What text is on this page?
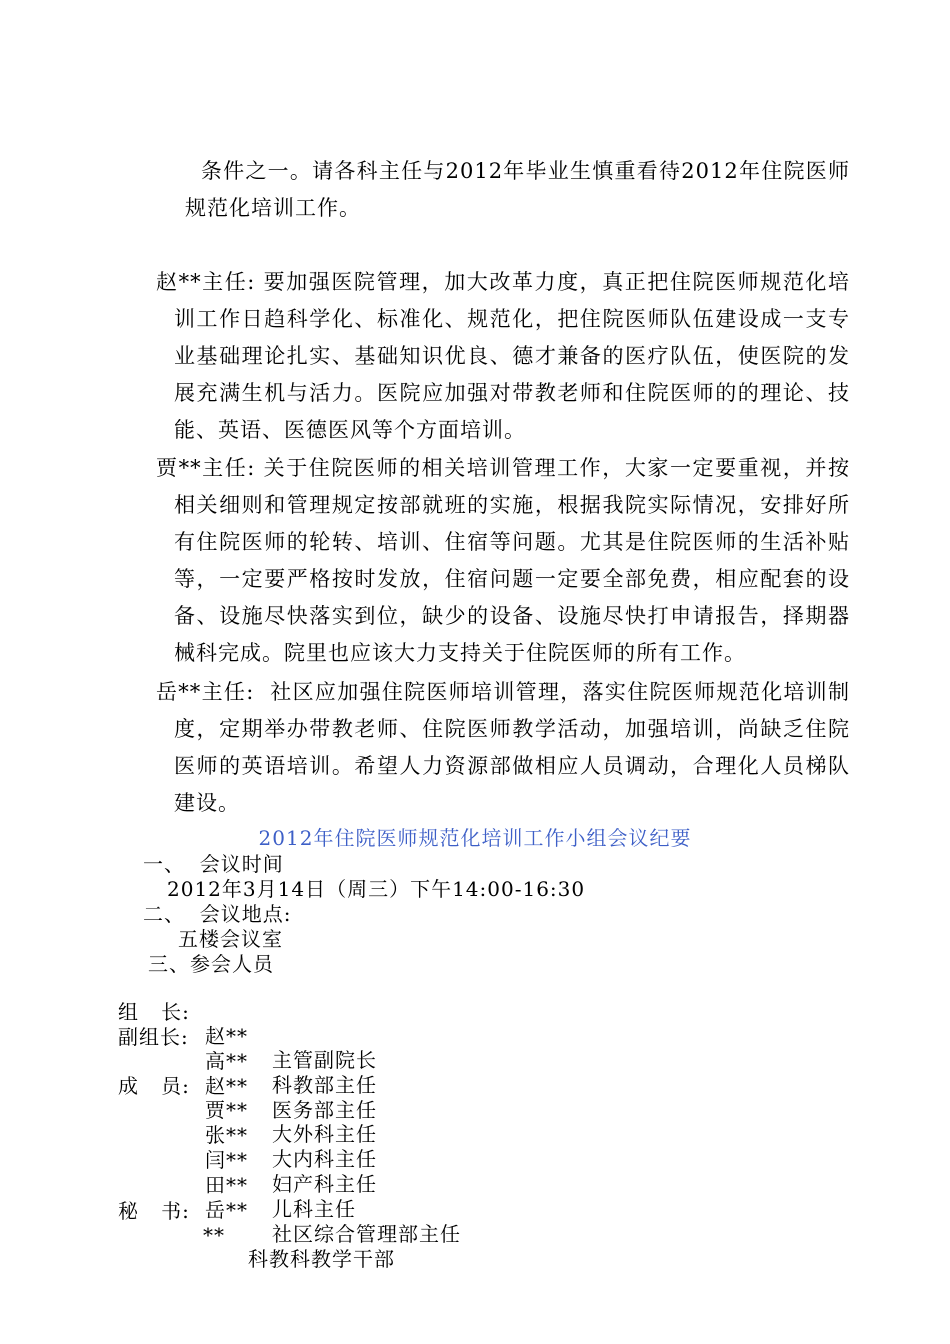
条件之一。请各科主任与2012年毕业生慎重看待2012年住院医师规范化培训工作。

赵**主任: 要加强医院管理，加大改革力度，真正把住院医师规范化培训工作日趋科学化、标准化、规范化，把住院医师队伍建设成一支专业基础理论扎实、基础知识优良、德才兼备的医疗队伍，使医院的发展充满生机与活力。医院应加强对带教老师和住院医师的的理论、技能、英语、医德医风等个方面培训。

贾**主任: 关于住院医师的相关培训管理工作，大家一定要重视，并按相关细则和管理规定按部就班的实施，根据我院实际情况，安排好所有住院医师的轮转、培训、住宿等问题。尤其是住院医师的生活补贴等，一定要严格按时发放，住宿问题一定要全部免费，相应配套的设备、设施尽快落实到位，缺少的设备、设施尽快打申请报告，择期器械科完成。院里也应该大力支持关于住院医师的所有工作。

岳**主任:  社区应加强住院医师培训管理，落实住院医师规范化培训制度，定期举办带教老师、住院医师教学活动，加强培训，尚缺乏住院医师的英语培训。希望人力资源部做相应人员调动，合理化人员梯队建设。

2012年住院医师规范化培训工作小组会议纪要
一、  会议时间
2012年3月14日（周三）下午14:00-16:30
二、  会议地点:
五楼会议室
三、参会人员

组   长:

赵**

主管副院长

副组长:

高**

科教部主任

赵**

医务部主任

成   员:

贾**

大外科主任

张**

大内科主任

闫**

妇产科主任

田**

儿科主任

岳**

社区综合管理部主任

秘   书:

**

科教科教学干部
